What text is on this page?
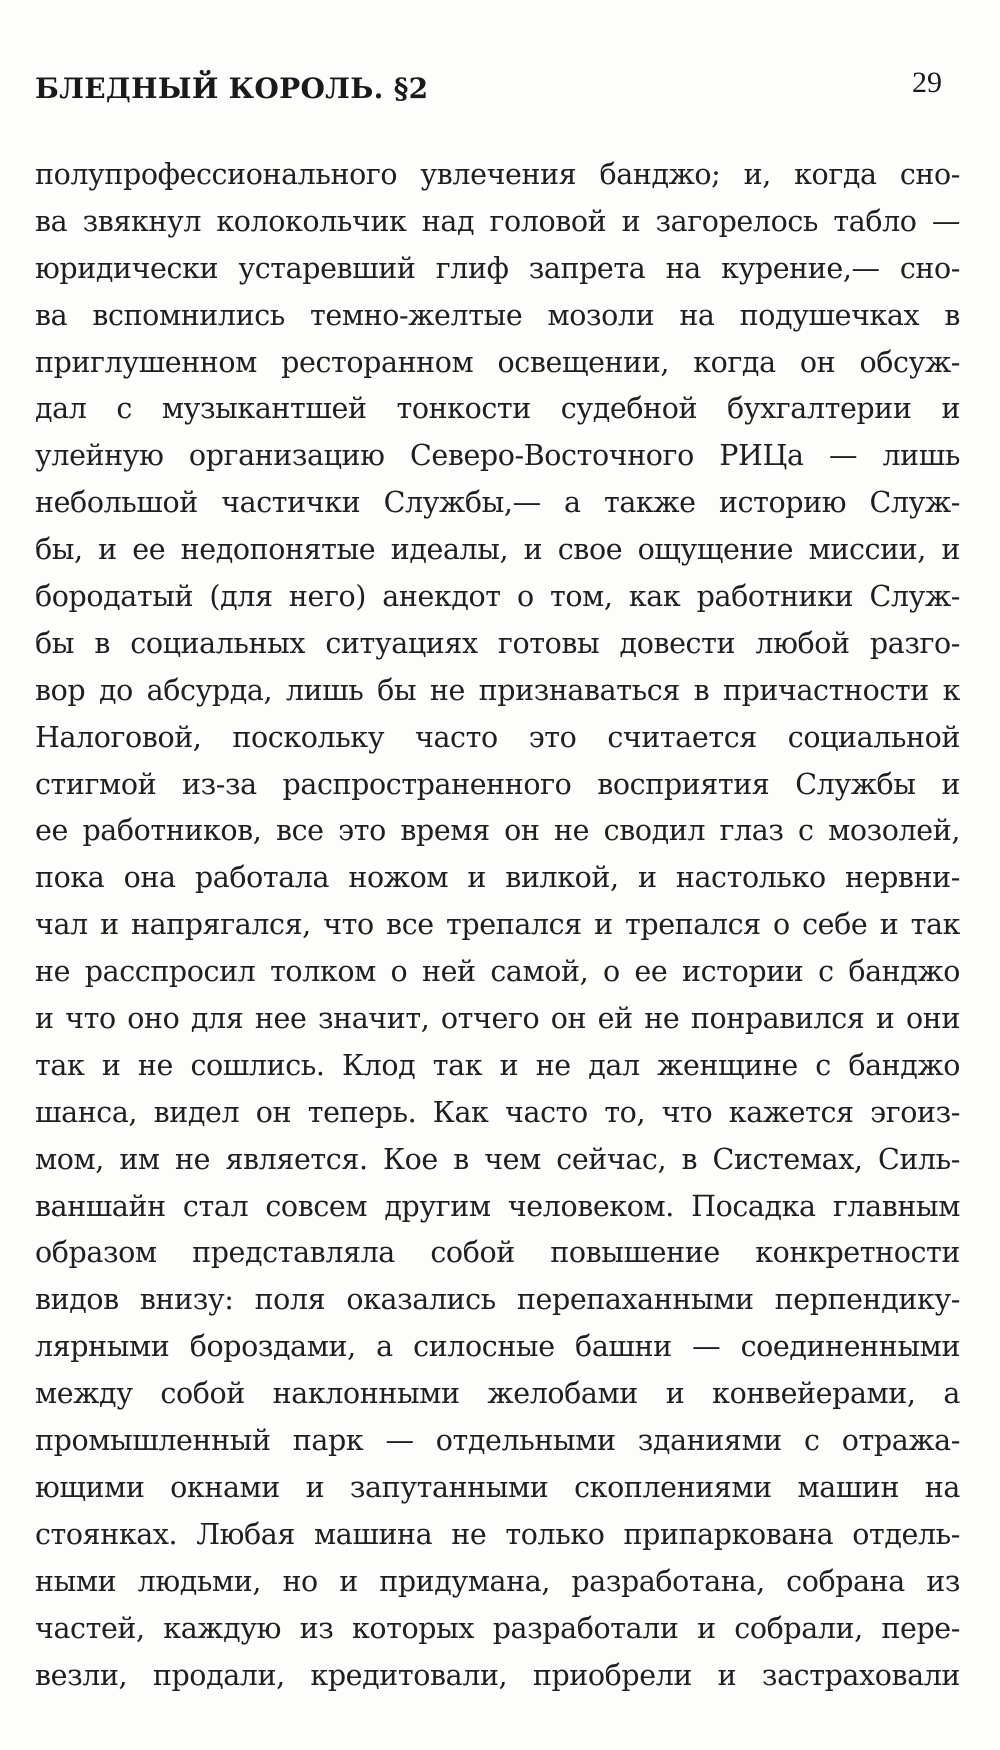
БЛЕДНЫЙ КОРОЛЬ. §2	29
полупрофессионального увлечения банджо; и, когда сно-
ва звякнул колокольчик над головой и загорелось табло —
юридически устаревший глиф запрета на курение,— сно-
ва вспомнились темно-желтые мозоли на подушечках в
приглушенном ресторанном освещении, когда он обсуж-
дал с музыкантшей тонкости судебной бухгалтерии и
улейную организацию Северо-Восточного РИЦа — лишь
небольшой частички Службы,— а также историю Служ-
бы, и ее недопонятые идеалы, и свое ощущение миссии, и
бородатый (для него) анекдот о том, как работники Служ-
бы в социальных ситуациях готовы довести любой разго-
вор до абсурда, лишь бы не признаваться в причастности к
Налоговой, поскольку часто это считается социальной
стигмой из-за распространенного восприятия Службы и
ее работников, все это время он не сводил глаз с мозолей,
пока она работала ножом и вилкой, и настолько нервни-
чал и напрягался, что все трепался и трепался о себе и так
не расспросил толком о ней самой, о ее истории с банджо
и что оно для нее значит, отчего он ей не понравился и они
так и не сошлись. Клод так и не дал женщине с банджо
шанса, видел он теперь. Как часто то, что кажется эгоиз-
мом, им не является. Кое в чем сейчас, в Системах, Силь-
ваншайн стал совсем другим человеком. Посадка главным
образом представляла собой повышение конкретности
видов внизу: поля оказались перепаханными перпендику-
лярными бороздами, а силосные башни — соединенными
между собой наклонными желобами и конвейерами, а
промышленный парк — отдельными зданиями с отража-
ющими окнами и запутанными скоплениями машин на
стоянках. Любая машина не только припаркована отдель-
ными людьми, но и придумана, разработана, собрана из
частей, каждую из которых разработали и собрали, пере-
везли, продали, кредитовали, приобрели и застраховали
